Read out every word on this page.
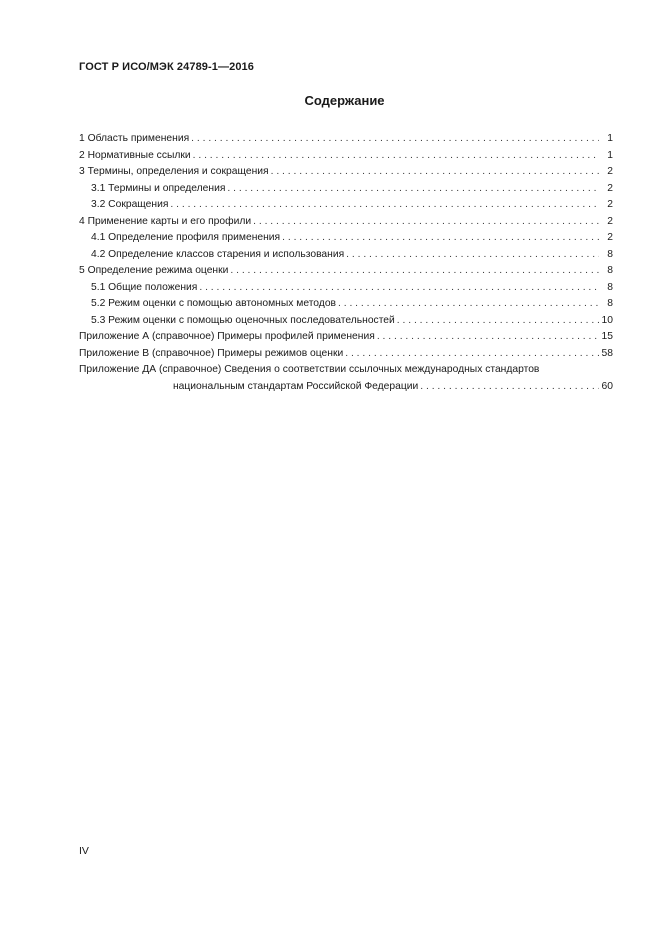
ГОСТ Р ИСО/МЭК 24789-1—2016
Содержание
1 Область применения . . .	1
2 Нормативные ссылки . . .	1
3 Термины, определения и сокращения . . .	2
3.1 Термины и определения . . .	2
3.2 Сокращения . . .	2
4 Применение карты и его профили . . .	2
4.1 Определение профиля применения . . .	2
4.2 Определение классов старения и использования . . .	8
5 Определение режима оценки . . .	8
5.1 Общие положения . . .	8
5.2 Режим оценки с помощью автономных методов . . .	8
5.3 Режим оценки с помощью оценочных последовательностей . . .	10
Приложение А (справочное) Примеры профилей применения . . .	15
Приложение В (справочное) Примеры режимов оценки . . .	58
Приложение ДА (справочное) Сведения о соответствии ссылочных международных стандартов
национальным стандартам Российской Федерации . . .	60
IV
